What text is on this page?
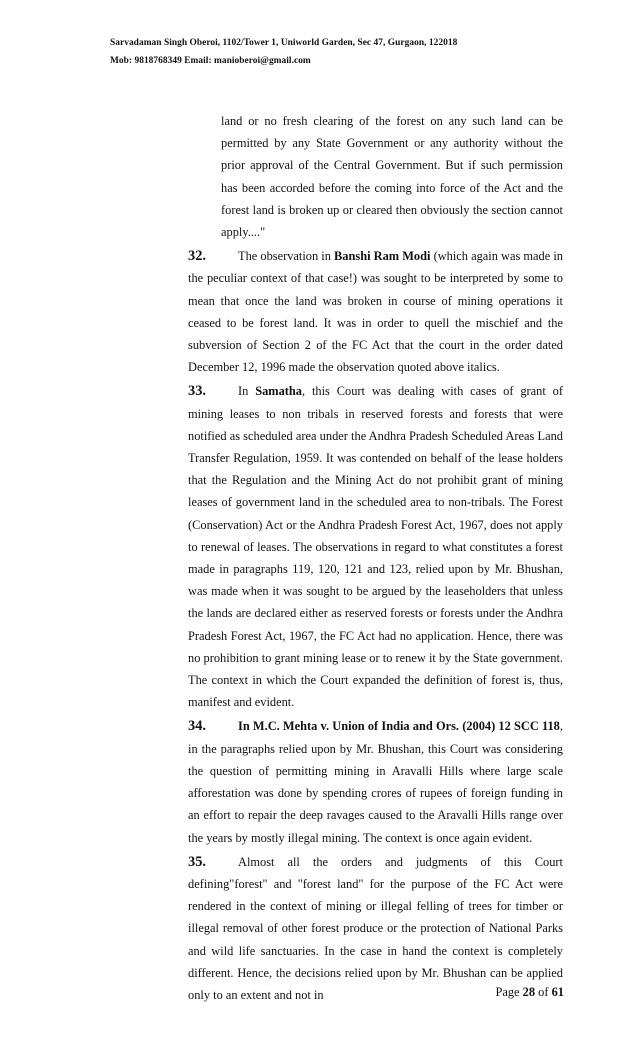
Sarvadaman Singh Oberoi, 1102/Tower 1, Uniworld Garden, Sec 47, Gurgaon, 122018
Mob: 9818768349 Email: manioberoi@gmail.com
land or no fresh clearing of the forest on any such land can be permitted by any State Government or any authority without the prior approval of the Central Government. But if such permission has been accorded before the coming into force of the Act and the forest land is broken up or cleared then obviously the section cannot apply...."
32.	The observation in Banshi Ram Modi (which again was made in the peculiar context of that case!) was sought to be interpreted by some to mean that once the land was broken in course of mining operations it ceased to be forest land. It was in order to quell the mischief and the subversion of Section 2 of the FC Act that the court in the order dated December 12, 1996 made the observation quoted above italics.
33.	In Samatha, this Court was dealing with cases of grant of mining leases to non tribals in reserved forests and forests that were notified as scheduled area under the Andhra Pradesh Scheduled Areas Land Transfer Regulation, 1959. It was contended on behalf of the lease holders that the Regulation and the Mining Act do not prohibit grant of mining leases of government land in the scheduled area to non-tribals. The Forest (Conservation) Act or the Andhra Pradesh Forest Act, 1967, does not apply to renewal of leases. The observations in regard to what constitutes a forest made in paragraphs 119, 120, 121 and 123, relied upon by Mr. Bhushan, was made when it was sought to be argued by the leaseholders that unless the lands are declared either as reserved forests or forests under the Andhra Pradesh Forest Act, 1967, the FC Act had no application. Hence, there was no prohibition to grant mining lease or to renew it by the State government. The context in which the Court expanded the definition of forest is, thus, manifest and evident.
34.	In M.C. Mehta v. Union of India and Ors. (2004) 12 SCC 118, in the paragraphs relied upon by Mr. Bhushan, this Court was considering the question of permitting mining in Aravalli Hills where large scale afforestation was done by spending crores of rupees of foreign funding in an effort to repair the deep ravages caused to the Aravalli Hills range over the years by mostly illegal mining. The context is once again evident.
35.	Almost all the orders and judgments of this Court defining"forest" and "forest land" for the purpose of the FC Act were rendered in the context of mining or illegal felling of trees for timber or illegal removal of other forest produce or the protection of National Parks and wild life sanctuaries. In the case in hand the context is completely different. Hence, the decisions relied upon by Mr. Bhushan can be applied only to an extent and not in	Page 28 of 61
